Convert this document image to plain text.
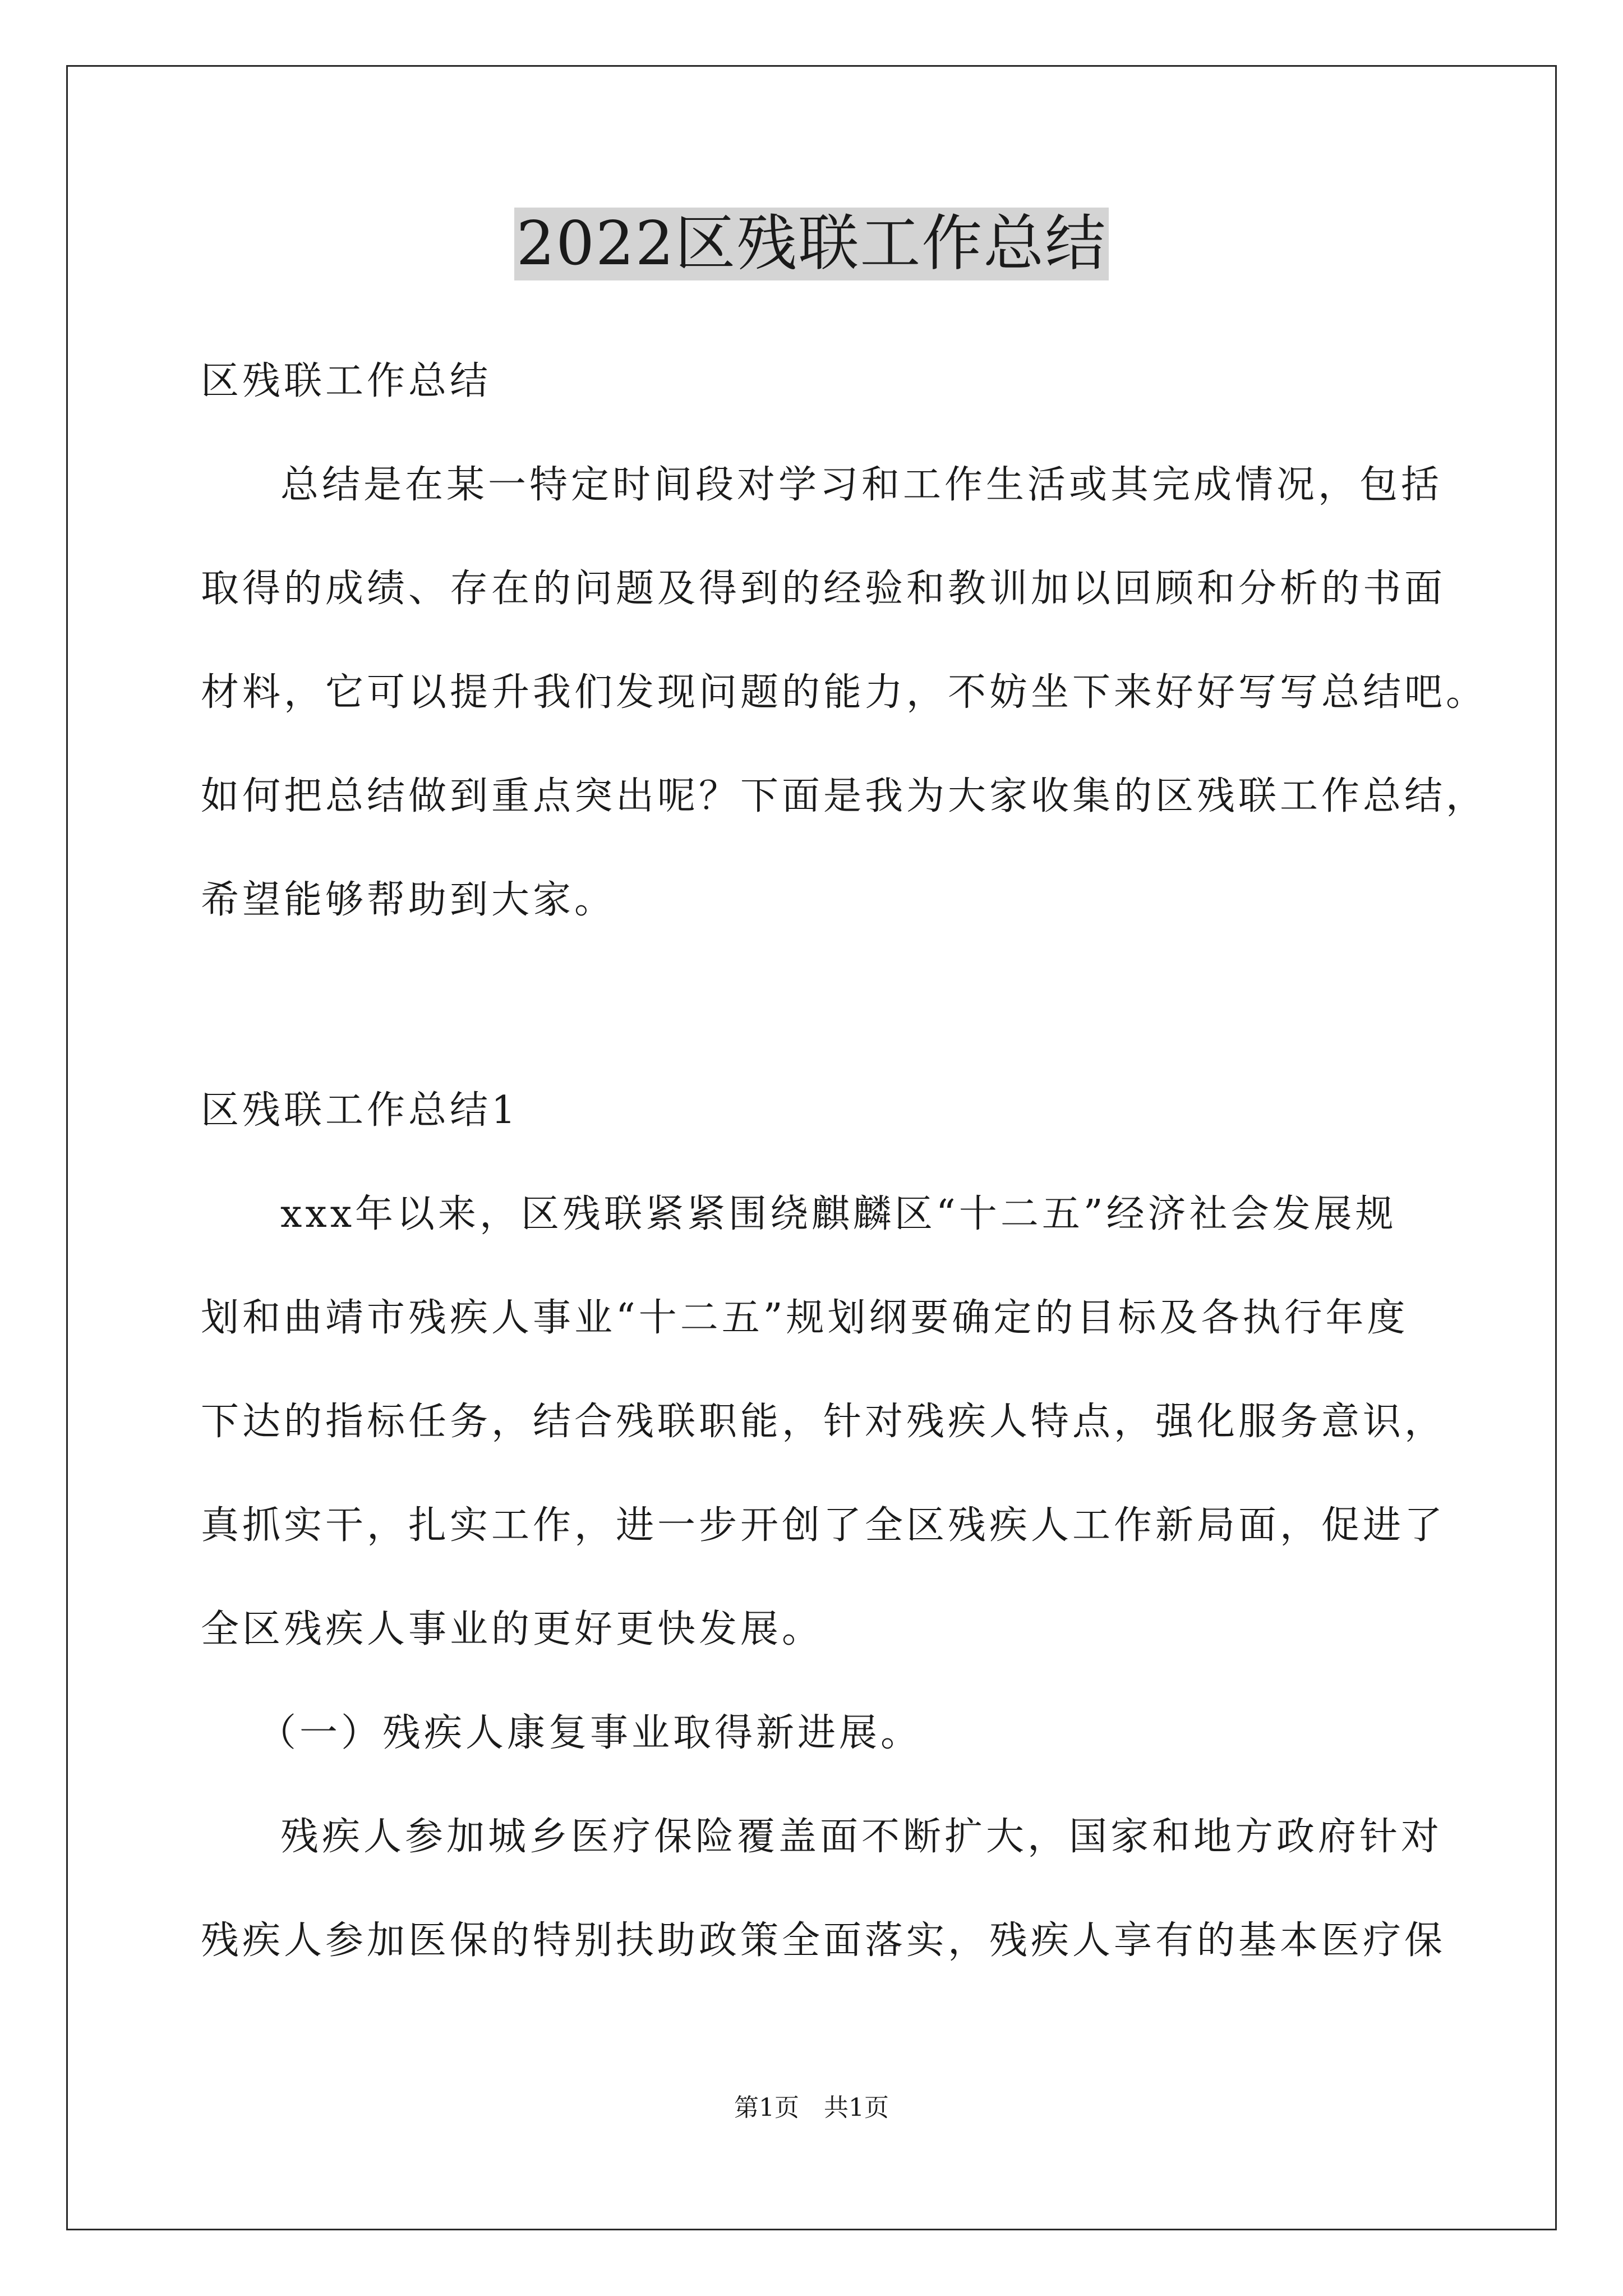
2022区残联工作总结
区残联工作总结
总结是在某一特定时间段对学习和工作生活或其完成情况，包括
取得的成绩、存在的问题及得到的经验和教训加以回顾和分析的书面
材料，它可以提升我们发现问题的能力，不妨坐下来好好写写总结吧。
如何把总结做到重点突出呢？下面是我为大家收集的区残联工作总结，
希望能够帮助到大家。
区残联工作总结1
xxx年以来，区残联紧紧围绕麒麟区“十二五”经济社会发展规
划和曲靖市残疾人事业“十二五”规划纲要确定的目标及各执行年度
下达的指标任务，结合残联职能，针对残疾人特点，强化服务意识，
真抓实干，扎实工作，进一步开创了全区残疾人工作新局面，促进了
全区残疾人事业的更好更快发展。
（一）残疾人康复事业取得新进展。
残疾人参加城乡医疗保险覆盖面不断扩大，国家和地方政府针对
残疾人参加医保的特别扶助政策全面落实，残疾人享有的基本医疗保
第1页　共1页
